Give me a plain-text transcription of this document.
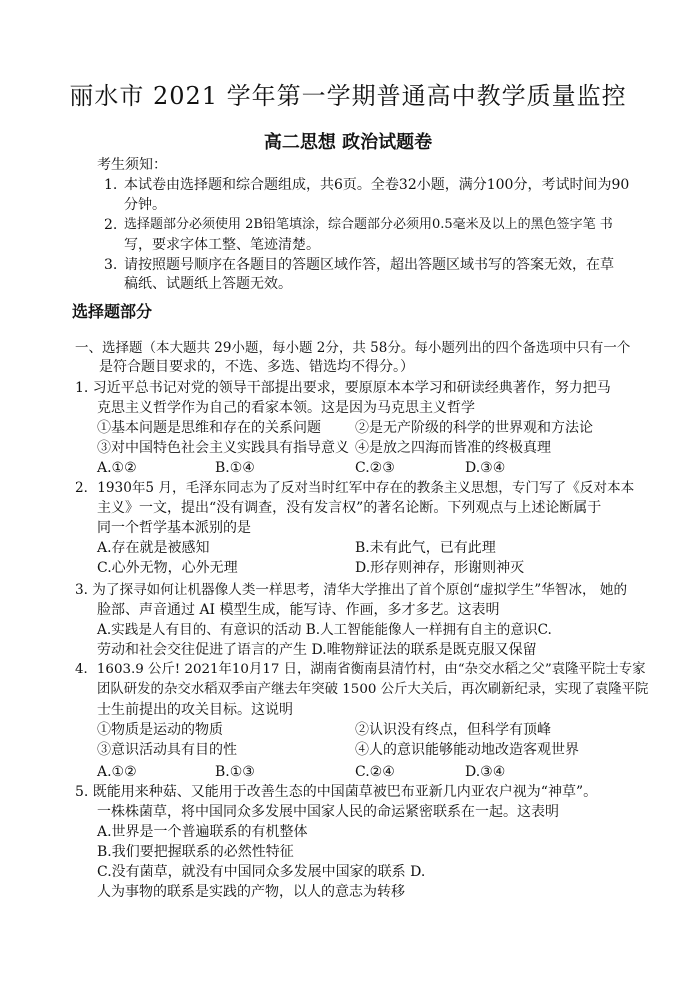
丽水市 2021 学年第一学期普通高中教学质量监控
高二思想 政治试题卷
考生须知：
1. 本试卷由选择题和综合题组成，共6页。全卷32小题，满分100分，考试时间为90
分钟。
2. 选择题部分必须使用 2B铅笔填涂，综合题部分必须用0.5毫米及以上的黑色签字笔 书
写，要求字体工整、笔迹清楚。
3. 请按照题号顺序在各题目的答题区域作答，超出答题区域书写的答案无效，在草
稿纸、试题纸上答题无效。
选择题部分
一、选择题（本大题共 29小题，每小题 2分，共 58分。每小题列出的四个备选项中只有一个
是符合题目要求的，不选、多选、错选均不得分。）
1. 习近平总书记对党的领导干部提出要求，要原原本本学习和研读经典著作，努力把马
克思主义哲学作为自己的看家本领。这是因为马克思主义哲学
①基本问题是思维和存在的关系问题 ②是无产阶级的科学的世界观和方法论
③对中国特色社会主义实践具有指导意义 ④是放之四海而皆准的终极真理
A.①②	B.①④	C.②③	D.③④
2．1930年5 月，毛泽东同志为了反对当时红军中存在的教条主义思想，专门写了《反对本本
主义》一文，提出“没有调查，没有发言权”的著名论断。下列观点与上述论断属于
同一个哲学基本派别的是
A.存在就是被感知	B.未有此气，已有此理
C.心外无物，心外无理	D.形存则神存，形谢则神灭
3. 为了探寻如何让机器像人类一样思考，清华大学推出了首个原创“虚拟学生”华智冰， 她的
脸部、声音通过 AI 模型生成，能写诗、作画，多才多艺。这表明
A.实践是人有目的、有意识的活动 B.人工智能能像人一样拥有自主的意识C.
劳动和社会交往促进了语言的产生 D.唯物辩证法的联系是既克服又保留
4．1603.9 公斤! 2021年10月17 日，湖南省衡南县清竹村，由“杂交水稻之父”袁隆平院士专家
团队研发的杂交水稻双季亩产继去年突破 1500 公斤大关后，再次刷新纪录，实现了袁隆平院
士生前提出的攻关目标。这说明
①物质是运动的物质	②认识没有终点，但科学有顶峰
③意识活动具有目的性	④人的意识能够能动地改造客观世界
A.①②	B.①③	C.②④	D.③④
5. 既能用来种菇、又能用于改善生态的中国菌草被巴布亚新几内亚农户视为“神草”。
一株株菌草，将中国同众多发展中国家人民的命运紧密联系在一起。这表明
A.世界是一个普遍联系的有机整体
B.我们要把握联系的必然性特征
C.没有菌草，就没有中国同众多发展中国家的联系 D.
人为事物的联系是实践的产物，以人的意志为转移
